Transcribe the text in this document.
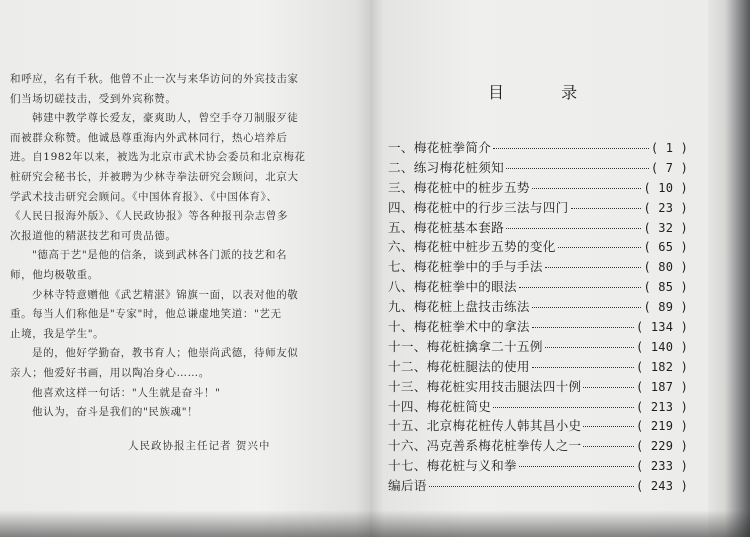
和呼应，名有千秋。他曾不止一次与来华访问的外宾技击家

们当场切磋技击，受到外宾称赞。

韩建中教学尊长爱友，豪爽助人，曾空手夺刀制服歹徒

而被群众称赞。他诚恳尊重海内外武林同行，热心培养后

进。自1982年以来，被选为北京市武术协会委员和北京梅花

桩研究会秘书长，并被聘为少林寺拳法研究会顾问，北京大

学武术技击研究会顾问。《中国体育报》、《中国体育》、

《人民日报海外版》、《人民政协报》等各种报刊杂志曾多

次报道他的精湛技艺和可贵品德。

"德高于艺"是他的信条，谈到武林各门派的技艺和名

师，他均极敬重。

少林寺特意赠他《武艺精湛》锦旗一面，以表对他的敬

重。每当人们称他是"专家"时，他总谦虚地笑道："艺无

止境，我是学生"。

是的，他好学勤奋，教书育人；他崇尚武德，待师友似

亲人；他爱好书画，用以陶冶身心……。

他喜欢这样一句话："人生就是奋斗！"

他认为，奋斗是我们的"民族魂"！

人民政协报主任记者 贺兴中

目 录
一、梅花桩拳简介	( 1 )
二、练习梅花桩须知	( 7 )
三、梅花桩中的桩步五势	( 10 )
四、梅花桩中的行步三法与四门	( 23 )
五、梅花桩基本套路	( 32 )
六、梅花桩中桩步五势的变化	( 65 )
七、梅花桩拳中的手与手法	( 80 )
八、梅花桩拳中的眼法	( 85 )
九、梅花桩上盘技击练法	( 89 )
十、梅花桩拳术中的拿法	( 134 )
十一、梅花桩擒拿二十五例	( 140 )
十二、梅花桩腿法的使用	( 182 )
十三、梅花桩实用技击腿法四十例	( 187 )
十四、梅花桩简史	( 213 )
十五、北京梅花桩传人韩其昌小史	( 219 )
十六、冯克善系梅花桩拳传人之一	( 229 )
十七、梅花桩与义和拳	( 233 )
编后语	( 243 )
